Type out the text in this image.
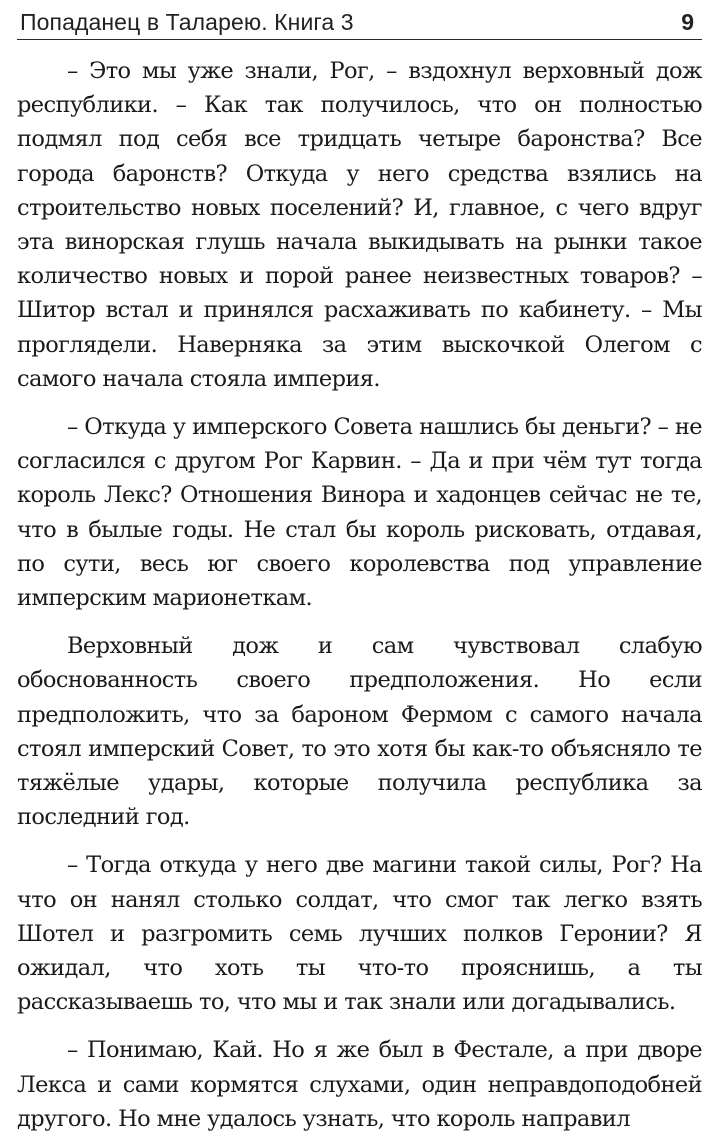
Попаданец в Таларею. Книга 3	9

– Это мы уже знали, Рог, – вздохнул верховный дож республики. – Как так получилось, что он полностью подмял под себя все тридцать четыре баронства? Все города баронств? Откуда у него средства взялись на строительство новых поселений? И, главное, с чего вдруг эта винорская глушь начала выкидывать на рынки такое количество новых и порой ранее неизвестных товаров? – Шитор встал и принялся расхаживать по кабинету. – Мы проглядели. Наверняка за этим выскочкой Олегом с самого начала стояла империя.

– Откуда у имперского Совета нашлись бы деньги? – не согласился с другом Рог Карвин. – Да и при чём тут тогда король Лекс? Отношения Винора и хадонцев сейчас не те, что в былые годы. Не стал бы король рисковать, отдавая, по сути, весь юг своего королевства под управление имперским марионеткам.

Верховный дож и сам чувствовал слабую обоснованность своего предположения. Но если предположить, что за бароном Фермом с самого начала стоял имперский Совет, то это хотя бы как-то объясняло те тяжёлые удары, которые получила республика за последний год.

– Тогда откуда у него две магини такой силы, Рог? На что он нанял столько солдат, что смог так легко взять Шотел и разгромить семь лучших полков Геронии? Я ожидал, что хоть ты что-то прояснишь, а ты рассказываешь то, что мы и так знали или догадывались.

– Понимаю, Кай. Но я же был в Фестале, а при дворе Лекса и сами кормятся слухами, один неправдоподобней другого. Но мне удалось узнать, что король направил
